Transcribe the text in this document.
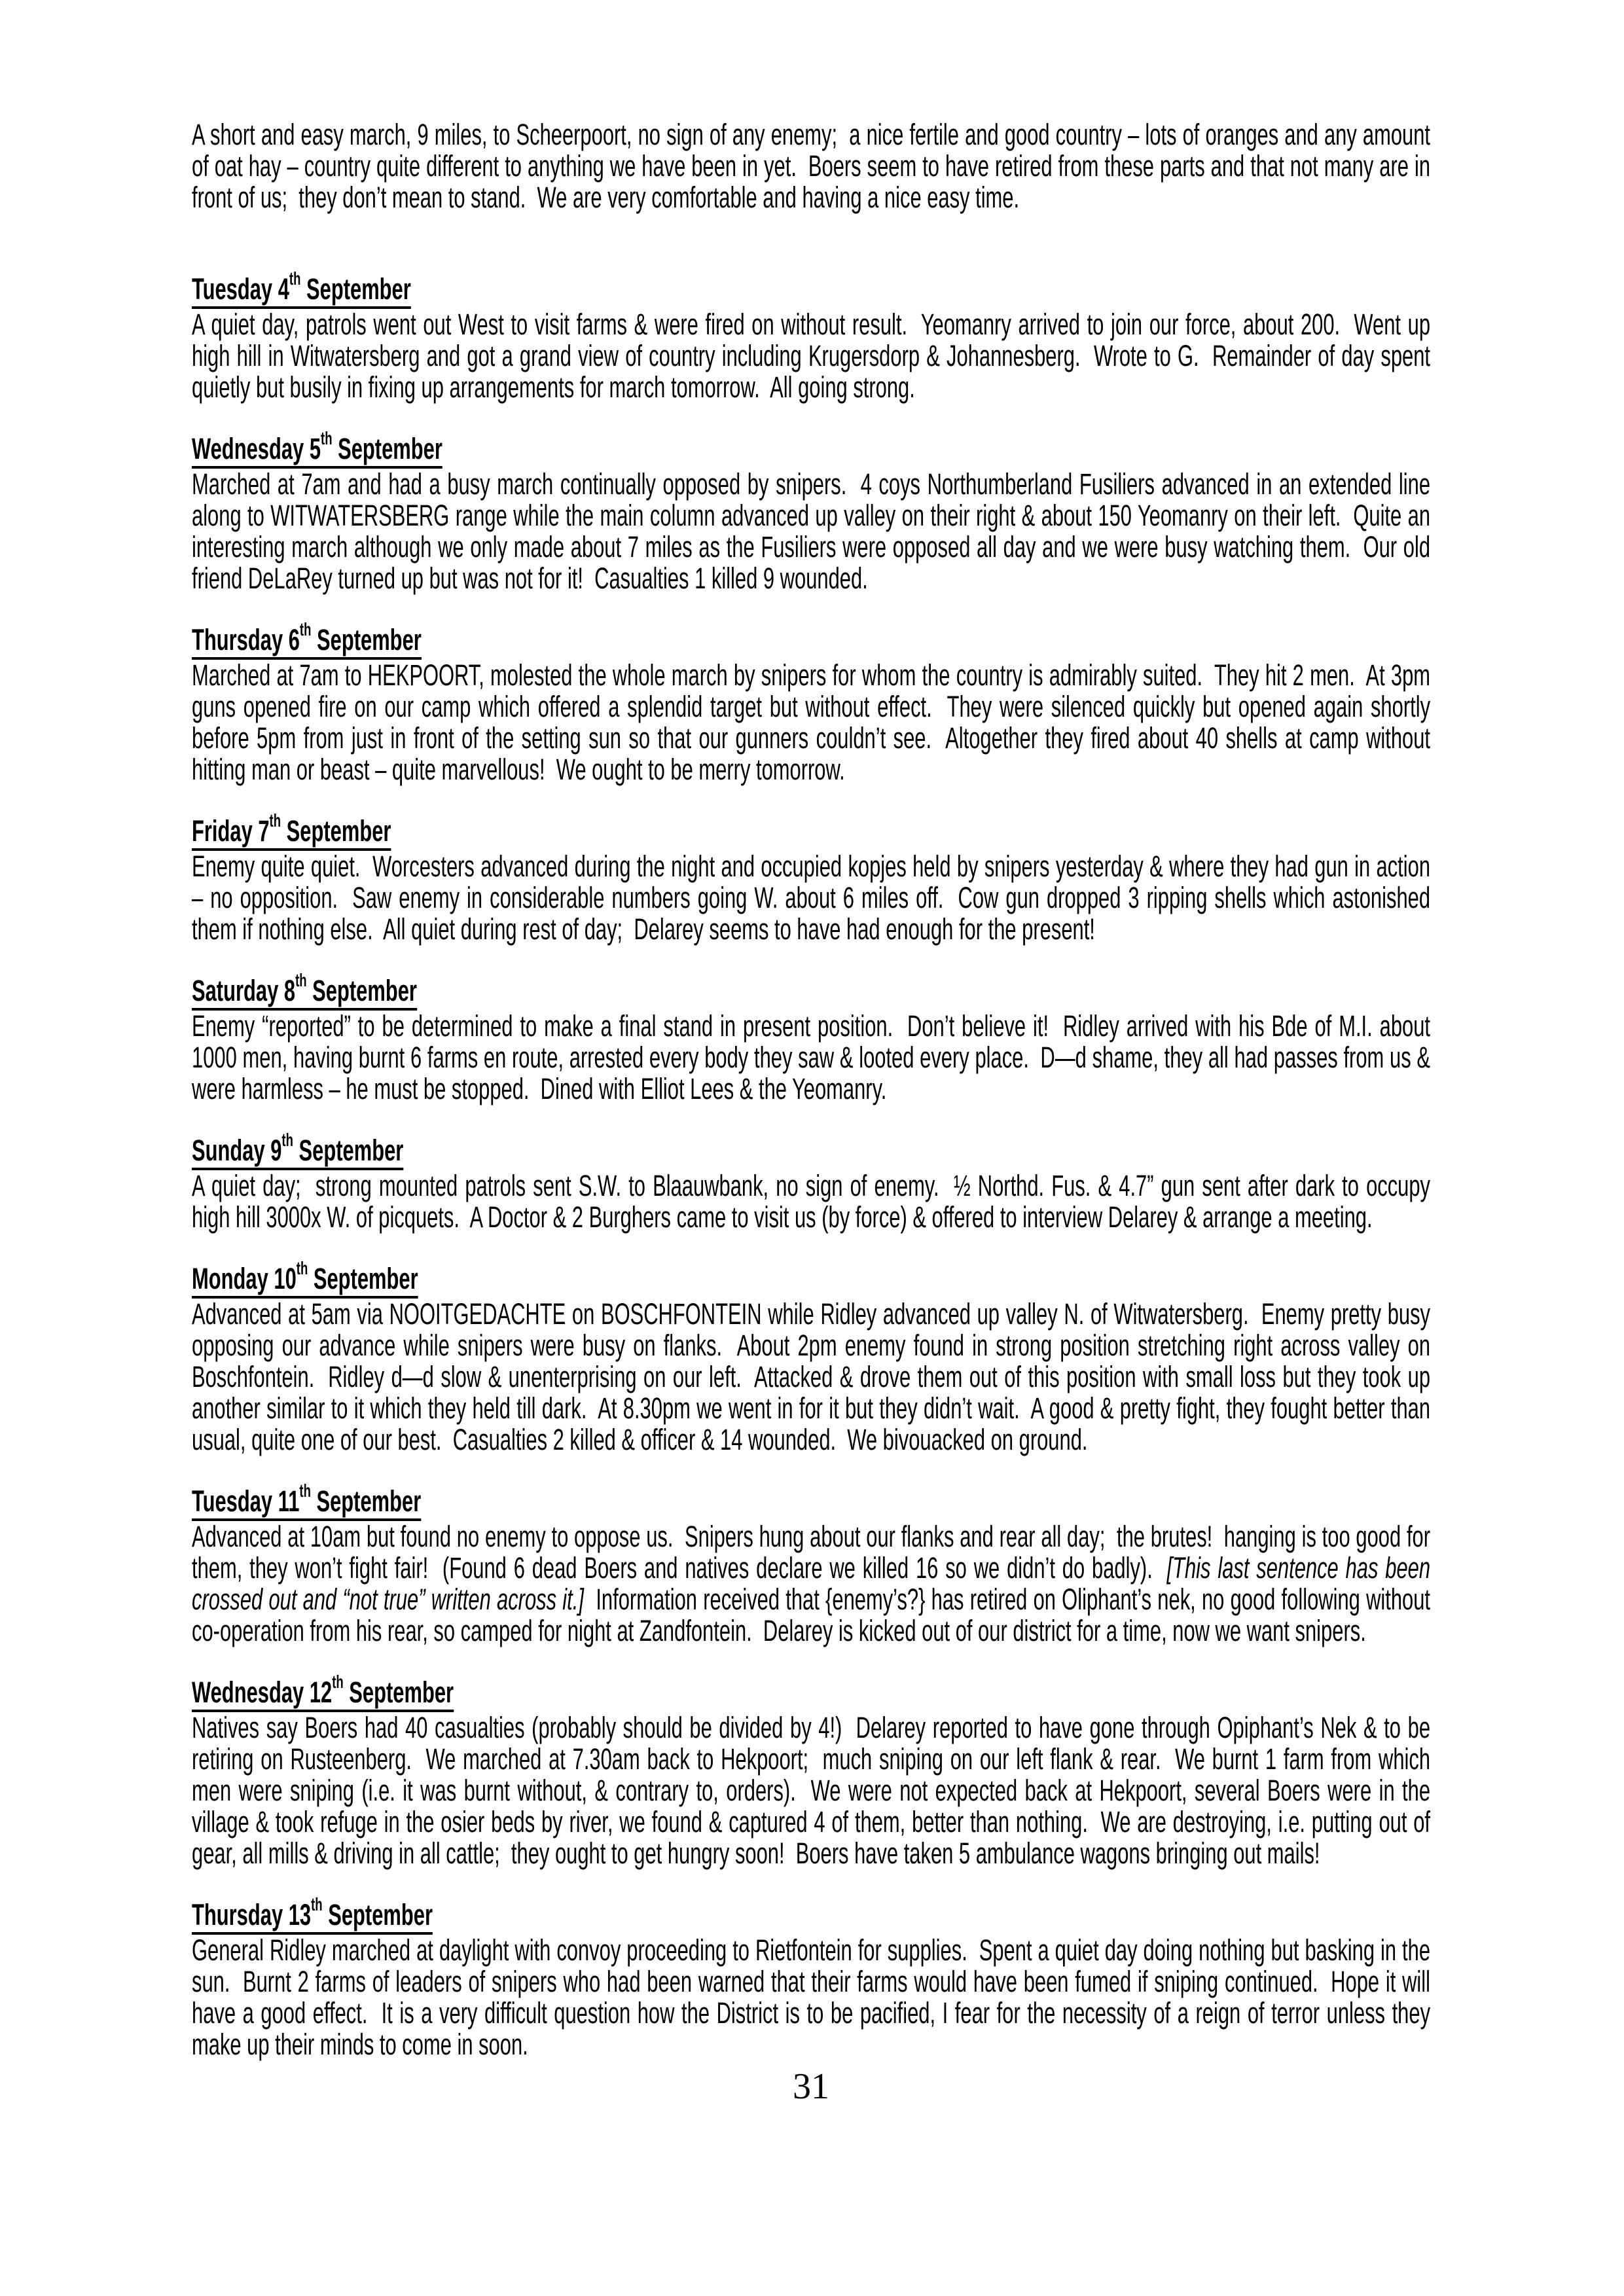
A short and easy march, 9 miles, to Scheerpoort, no sign of any enemy;  a nice fertile and good country – lots of oranges and any amount of oat hay – country quite different to anything we have been in yet.  Boers seem to have retired from these parts and that not many are in front of us;  they don’t mean to stand.  We are very comfortable and having a nice easy time.

Tuesday 4th September

A quiet day, patrols went out West to visit farms & were fired on without result.  Yeomanry arrived to join our force, about 200.  Went up high hill in Witwatersberg and got a grand view of country including Krugersdorp & Johannesberg.  Wrote to G.  Remainder of day spent quietly but busily in fixing up arrangements for march tomorrow.  All going strong.

Wednesday 5th September

Marched at 7am and had a busy march continually opposed by snipers.  4 coys Northumberland Fusiliers advanced in an extended line along to WITWATERSBERG range while the main column advanced up valley on their right & about 150 Yeomanry on their left.  Quite an interesting march although we only made about 7 miles as the Fusiliers were opposed all day and we were busy watching them.  Our old friend DeLaRey turned up but was not for it!  Casualties 1 killed 9 wounded.

Thursday 6th September

Marched at 7am to HEKPOORT, molested the whole march by snipers for whom the country is admirably suited.  They hit 2 men.  At 3pm guns opened fire on our camp which offered a splendid target but without effect.  They were silenced quickly but opened again shortly before 5pm from just in front of the setting sun so that our gunners couldn’t see.  Altogether they fired about 40 shells at camp without hitting man or beast – quite marvellous!  We ought to be merry tomorrow.

Friday 7th September

Enemy quite quiet.  Worcesters advanced during the night and occupied kopjes held by snipers yesterday & where they had gun in action – no opposition.  Saw enemy in considerable numbers going W. about 6 miles off.  Cow gun dropped 3 ripping shells which astonished them if nothing else.  All quiet during rest of day;  Delarey seems to have had enough for the present!

Saturday 8th September

Enemy “reported” to be determined to make a final stand in present position.  Don’t believe it!  Ridley arrived with his Bde of M.I. about 1000 men, having burnt 6 farms en route, arrested every body they saw & looted every place.  D—d shame, they all had passes from us & were harmless – he must be stopped.  Dined with Elliot Lees & the Yeomanry.

Sunday 9th September

A quiet day;  strong mounted patrols sent S.W. to Blaauwbank, no sign of enemy.  ½ Northd. Fus. & 4.7” gun sent after dark to occupy high hill 3000x W. of picquets.  A Doctor & 2 Burghers came to visit us (by force) & offered to interview Delarey & arrange a meeting.

Monday 10th September

Advanced at 5am via NOOITGEDACHTE on BOSCHFONTEIN while Ridley advanced up valley N. of Witwatersberg.  Enemy pretty busy opposing our advance while snipers were busy on flanks.  About 2pm enemy found in strong position stretching right across valley on Boschfontein.  Ridley d—d slow & unenterprising on our left.  Attacked & drove them out of this position with small loss but they took up another similar to it which they held till dark.  At 8.30pm we went in for it but they didn’t wait.  A good & pretty fight, they fought better than usual, quite one of our best.  Casualties 2 killed & officer & 14 wounded.  We bivouacked on ground.

Tuesday 11th September

Advanced at 10am but found no enemy to oppose us.  Snipers hung about our flanks and rear all day;  the brutes!  hanging is too good for them, they won’t fight fair!  (Found 6 dead Boers and natives declare we killed 16 so we didn’t do badly).  [This last sentence has been crossed out and “not true” written across it.]  Information received that {enemy’s?} has retired on Oliphant’s nek, no good following without co-operation from his rear, so camped for night at Zandfontein.  Delarey is kicked out of our district for a time, now we want snipers.

Wednesday 12th September

Natives say Boers had 40 casualties (probably should be divided by 4!)  Delarey reported to have gone through Opiphant’s Nek & to be retiring on Rusteenberg.  We marched at 7.30am back to Hekpoort;  much sniping on our left flank & rear.  We burnt 1 farm from which men were sniping (i.e. it was burnt without, & contrary to, orders).  We were not expected back at Hekpoort, several Boers were in the village & took refuge in the osier beds by river, we found & captured 4 of them, better than nothing.  We are destroying, i.e. putting out of gear, all mills & driving in all cattle;  they ought to get hungry soon!  Boers have taken 5 ambulance wagons bringing out mails!

Thursday 13th September

General Ridley marched at daylight with convoy proceeding to Rietfontein for supplies.  Spent a quiet day doing nothing but basking in the sun.  Burnt 2 farms of leaders of snipers who had been warned that their farms would have been fumed if sniping continued.  Hope it will have a good effect.  It is a very difficult question how the District is to be pacified, I fear for the necessity of a reign of terror unless they make up their minds to come in soon.

31
